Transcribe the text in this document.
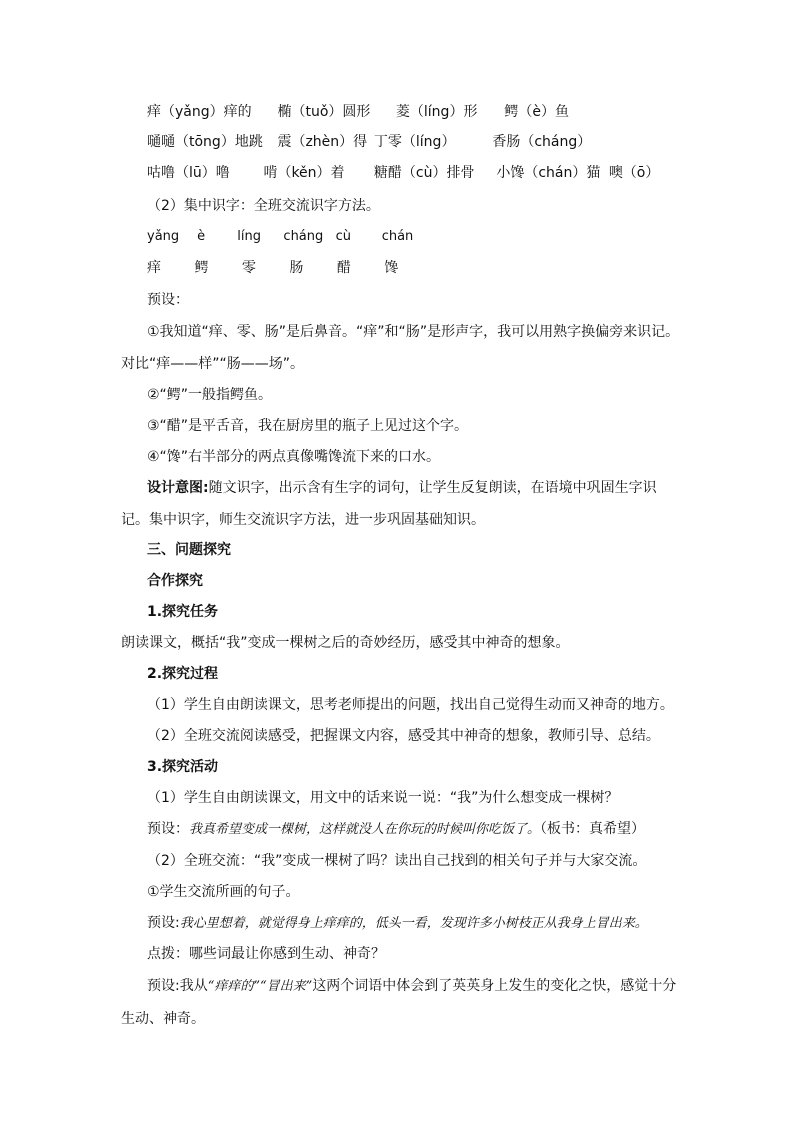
痒（yǎng）痒的 椭（tuǒ）圆形 菱（líng）形 鳄（è）鱼
嗵嗵（tōng）地跳 震（zhèn）得 丁零（líng）	香肠（cháng）
咕噜（lū）噜 啃（kěn）着 糖醋（cù）排骨 小馋（chán）猫 噢（ō）
（2）集中识字：全班交流识字方法。
yǎng è líng cháng cù chán
痒 鳄 零 肠 醋 馋
预设：
①我知道“痒、零、肠”是后鼻音。“痒”和“肠”是形声字，我可以用熟字换偏旁来识记。对比“痒——样”“肠——场”。
②“鳄”一般指鳄鱼。
③“醋”是平舌音，我在厨房里的瓶子上见过这个字。
④“馋”右半部分的两点真像嘴馋流下来的口水。
设计意图:随文识字，出示含有生字的词句，让学生反复朗读，在语境中巩固生字识记。集中识字，师生交流识字方法，进一步巩固基础知识。
三、问题探究
合作探究
1.探究任务
朗读课文，概括“我”变成一棵树之后的奇妙经历，感受其中神奇的想象。
2.探究过程
（1）学生自由朗读课文，思考老师提出的问题，找出自己觉得生动而又神奇的地方。
（2）全班交流阅读感受，把握课文内容，感受其中神奇的想象，教师引导、总结。
3.探究活动
（1）学生自由朗读课文，用文中的话来说一说：“我”为什么想变成一棵树？
预设：我真希望变成一棵树，这样就没人在你玩的时候叫你吃饭了。（板书：真希望）
（2）全班交流：“我”变成一棵树了吗？读出自己找到的相关句子并与大家交流。
①学生交流所画的句子。
预设:我心里想着，就觉得身上痒痒的，低头一看，发现许多小树枝正从我身上冒出来。
点拨：哪些词最让你感到生动、神奇？
预设:我从“痒痒的”“冒出来”这两个词语中体会到了英英身上发生的变化之快，感觉十分生动、神奇。
